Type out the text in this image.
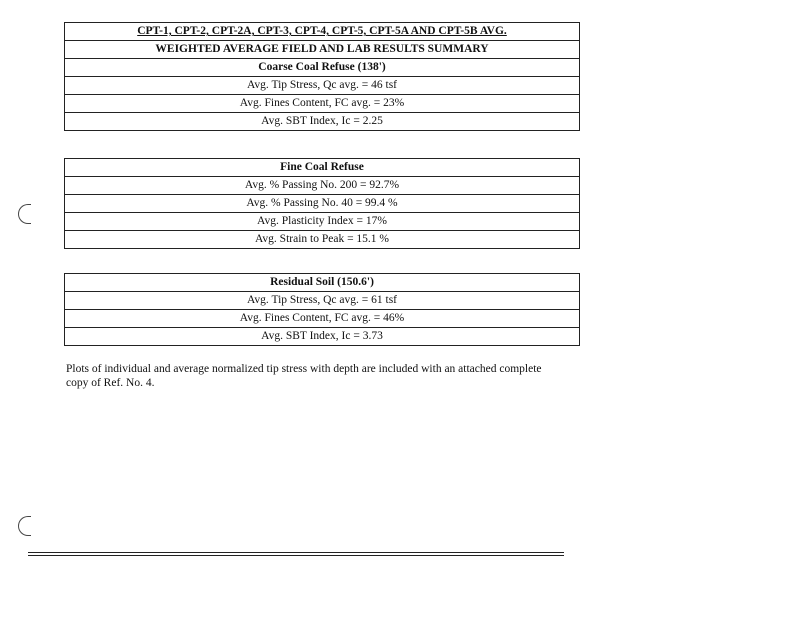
CPT-1, CPT-2, CPT-2A, CPT-3, CPT-4, CPT-5, CPT-5A AND CPT-5B AVG.
WEIGHTED AVERAGE FIELD AND LAB RESULTS SUMMARY
Coarse Coal Refuse (138')
Avg. Tip Stress, Qc avg. = 46 tsf
Avg. Fines Content, FC avg. = 23%
Avg. SBT Index, Ic = 2.25
Fine Coal Refuse
Avg. % Passing No. 200 = 92.7%
Avg. % Passing No. 40 = 99.4 %
Avg. Plasticity Index = 17%
Avg. Strain to Peak = 15.1 %
Residual Soil (150.6')
Avg. Tip Stress, Qc avg. = 61 tsf
Avg. Fines Content, FC avg. = 46%
Avg. SBT Index, Ic = 3.73
Plots of individual and average normalized tip stress with depth are included with an attached complete copy of Ref. No. 4.
